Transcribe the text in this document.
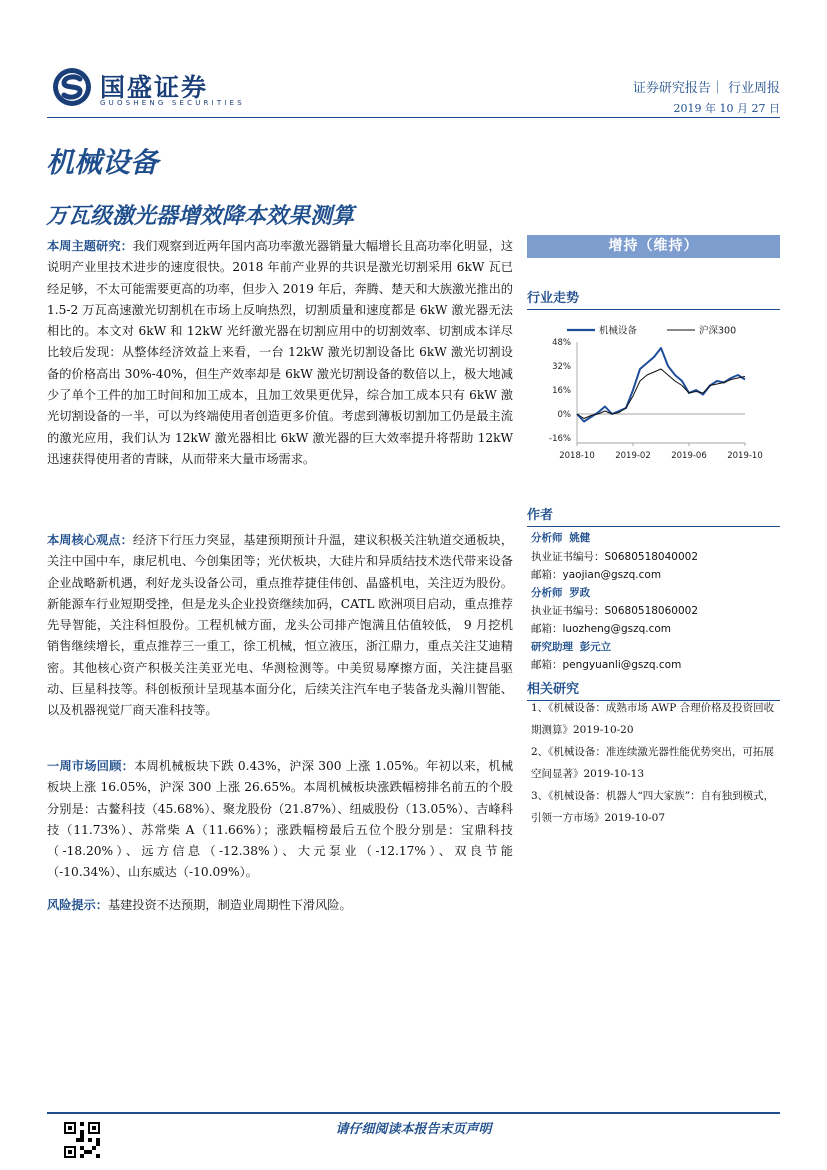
国盛证券
GUOSHENG SECURITIES
证券研究报告｜ 行业周报
2019 年 10 月 27 日
机械设备
万瓦级激光器增效降本效果测算
本周主题研究：我们观察到近两年国内高功率激光器销量大幅增长且高功率化明显，这说明产业里技术进步的速度很快。2018 年前产业界的共识是激光切割采用 6kW 瓦已经足够，不太可能需要更高的功率，但步入 2019 年后，奔腾、楚天和大族激光推出的 1.5-2 万瓦高速激光切割机在市场上反响热烈，切割质量和速度都是 6kW 激光器无法相比的。本文对 6kW 和 12kW 光纤激光器在切割应用中的切割效率、切割成本详尽比较后发现：从整体经济效益上来看，一台 12kW 激光切割设备比 6kW 激光切割设备的价格高出 30%-40%，但生产效率却是 6kW 激光切割设备的数倍以上，极大地减少了单个工件的加工时间和加工成本，且加工效果更优异，综合加工成本只有 6kW 激光切割设备的一半，可以为终端使用者创造更多价值。考虑到薄板切割加工仍是最主流的激光应用，我们认为 12kW 激光器相比 6kW 激光器的巨大效率提升将帮助 12kW 迅速获得使用者的青睐，从而带来大量市场需求。
本周核心观点：经济下行压力突显，基建预期预计升温，建议积极关注轨道交通板块，关注中国中车，康尼机电、今创集团等；光伏板块，大硅片和异质结技术迭代带来设备企业战略新机遇，利好龙头设备公司，重点推荐捷佳伟创、晶盛机电，关注迈为股份。新能源车行业短期受挫，但是龙头企业投资继续加码，CATL 欧洲项目启动，重点推荐先导智能，关注科恒股份。工程机械方面，龙头公司排产饱满且估值较低， 9 月挖机销售继续增长，重点推荐三一重工，徐工机械，恒立液压，浙江鼎力，重点关注艾迪精密。其他核心资产积极关注美亚光电、华测检测等。中美贸易摩擦方面，关注捷昌驱动、巨星科技等。科创板预计呈现基本面分化，后续关注汽车电子装备龙头瀚川智能、以及机器视觉厂商天准科技等。
一周市场回顾：本周机械板块下跌 0.43%，沪深 300 上涨 1.05%。年初以来，机械板块上涨 16.05%，沪深 300 上涨 26.65%。本周机械板块涨跌幅榜排名前五的个股分别是：古鳌科技（45.68%）、聚龙股份（21.87%）、纽威股份（13.05%）、吉峰科技（11.73%）、苏常柴 A（11.66%）；涨跌幅榜最后五位个股分别是：宝鼎科技（-18.20%）、远方信息（-12.38%）、大元泵业（-12.17%）、双良节能（-10.34%）、山东威达（-10.09%）。
风险提示：基建投资不达预期，制造业周期性下滑风险。
增持（维持）
行业走势
48%
32%
16%
0%
-16%
2018-10 2019-02 2019-06 2019-10
机械设备	沪深300
作者
分析师 姚健
执业证书编号：S0680518040002
邮箱：yaojian@gszq.com
分析师 罗政
执业证书编号：S0680518060002
邮箱：luozheng@gszq.com
研究助理 彭元立
邮箱：pengyuanli@gszq.com
相关研究
1、《机械设备：成熟市场 AWP 合理价格及投资回收期测算》2019-10-20
2、《机械设备：准连续激光器性能优势突出，可拓展空间显著》2019-10-13
3、《机械设备：机器人“四大家族”：自有独到模式，引领一方市场》2019-10-07
请仔细阅读本报告末页声明
